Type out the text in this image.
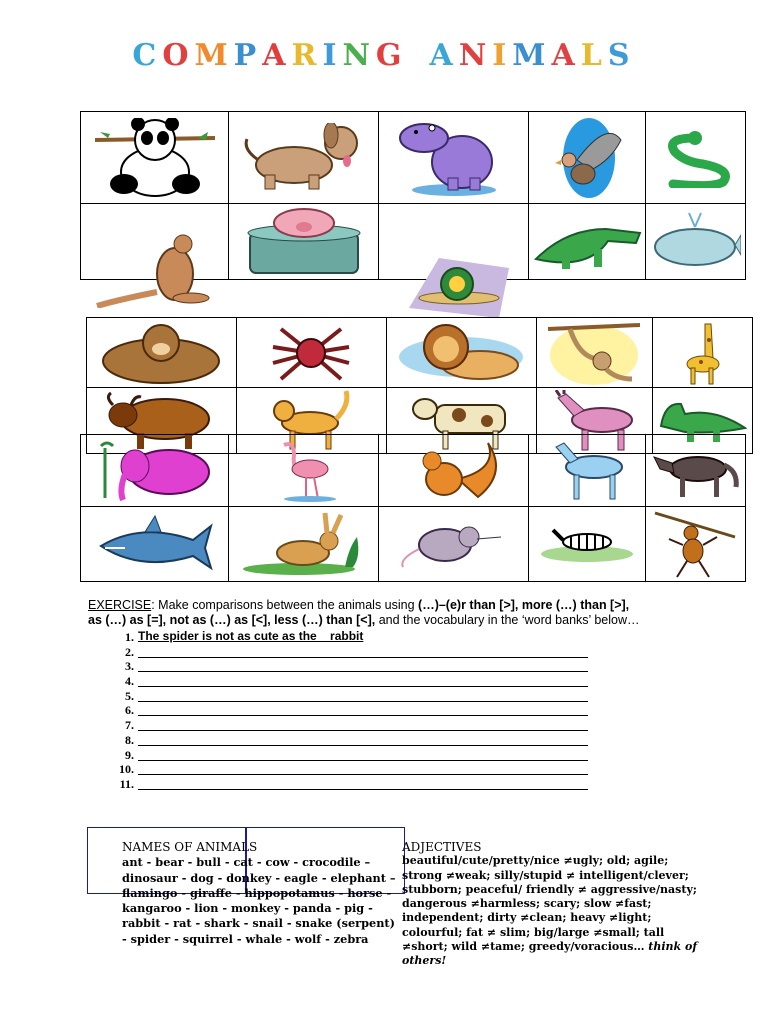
COMPARING ANIMALS

EXERCISE: Make comparisons between the animals using (…)–(e)r than [>], more (…) than [>],
as (…) as [=], not as (…) as [<], less (…) than [<], and the vocabulary in the ‘word banks’ below…
1. The spider is not as cute as the    rabbit
2.
3.
4.
5.
6.
7.
8.
9.
10.
11.
NAMES OF ANIMALS
ant - bear - bull - cat - cow - crocodile – dinosaur - dog - donkey - eagle - elephant – flamingo - giraffe - hippopotamus - horse - kangaroo - lion - monkey - panda - pig - rabbit - rat - shark - snail - snake (serpent) - spider - squirrel - whale - wolf - zebra
ADJECTIVES
beautiful/cute/pretty/nice ≠ugly; old; agile; strong ≠weak; silly/stupid ≠ intelligent/clever; stubborn; peaceful/ friendly ≠ aggressive/nasty; dangerous ≠harmless; scary; slow ≠fast; independent; dirty ≠clean; heavy ≠light; colourful; fat ≠ slim; big/large ≠small; tall ≠short; wild ≠tame; greedy/voracious… think of others!
